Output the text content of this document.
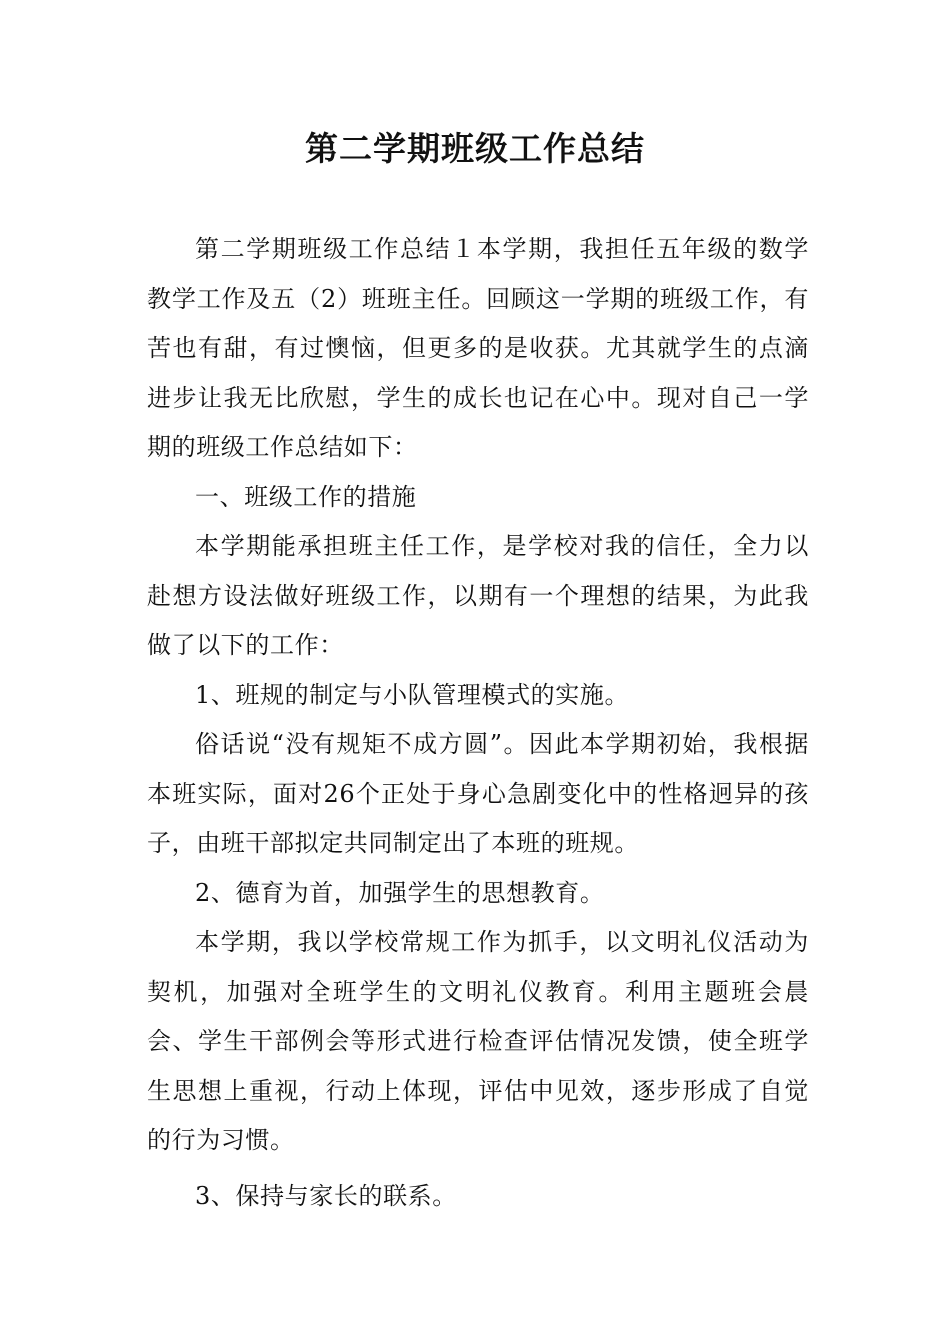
第二学期班级工作总结

第二学期班级工作总结１本学期，我担任五年级的数学教学工作及五（2）班班主任。回顾这一学期的班级工作，有苦也有甜，有过懊恼，但更多的是收获。尤其就学生的点滴进步让我无比欣慰，学生的成长也记在心中。现对自己一学期的班级工作总结如下：

一、班级工作的措施

本学期能承担班主任工作，是学校对我的信任，全力以赴想方设法做好班级工作，以期有一个理想的结果，为此我做了以下的工作：

1、班规的制定与小队管理模式的实施。

俗话说“没有规矩不成方圆”。因此本学期初始，我根据本班实际，面对26个正处于身心急剧变化中的性格迥异的孩子，由班干部拟定共同制定出了本班的班规。

2、德育为首，加强学生的思想教育。

本学期，我以学校常规工作为抓手，以文明礼仪活动为契机，加强对全班学生的文明礼仪教育。利用主题班会晨会、学生干部例会等形式进行检查评估情况发馈，使全班学生思想上重视，行动上体现，评估中见效，逐步形成了自觉的行为习惯。

3、保持与家长的联系。
